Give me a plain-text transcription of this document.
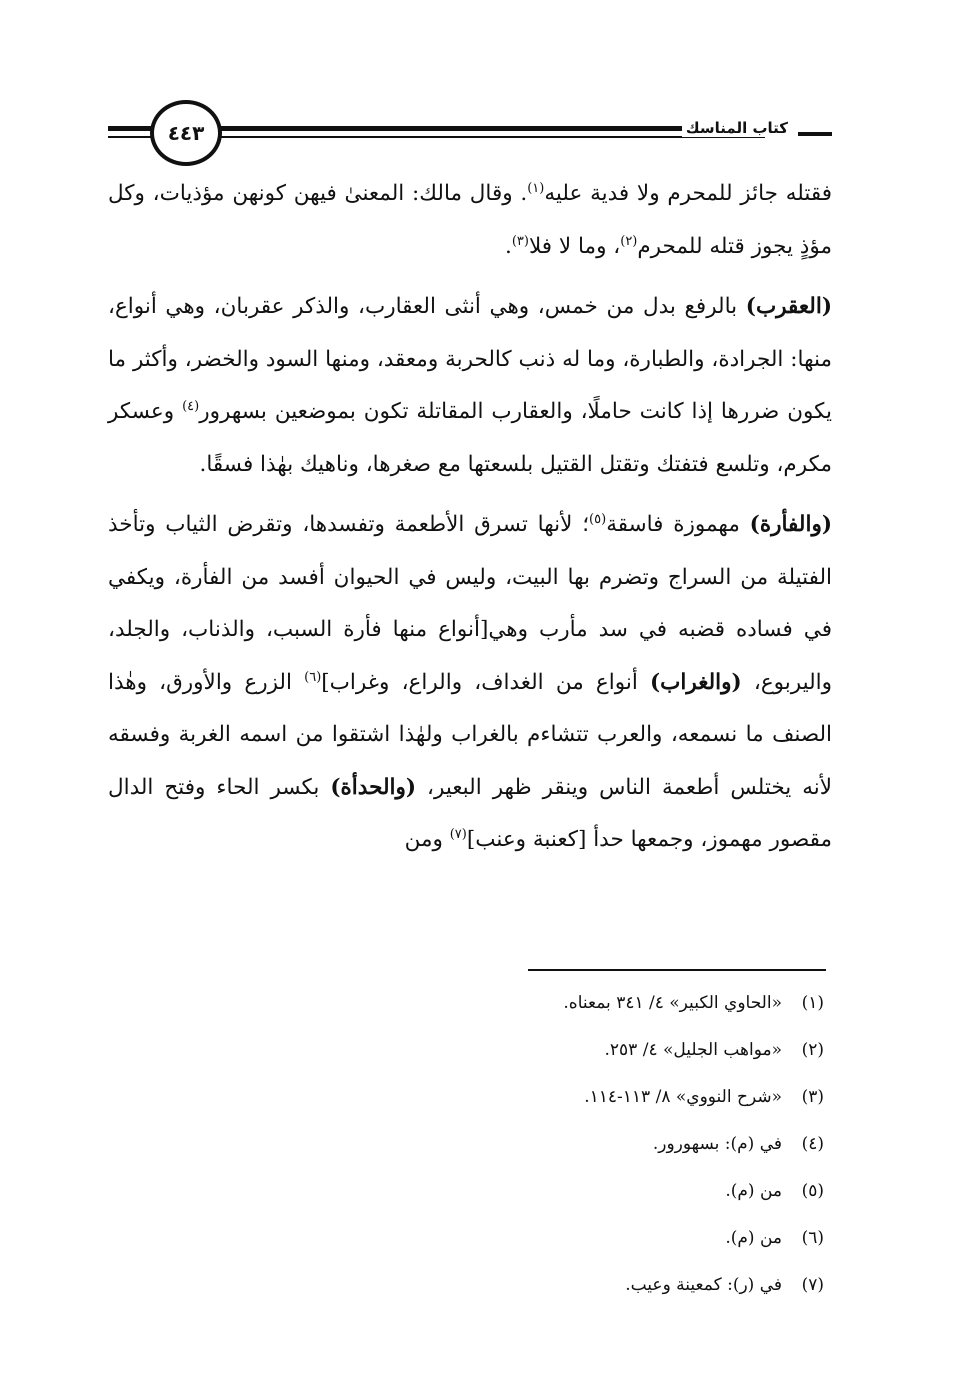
٤٤٣	كتاب المناسك

فقتله جائز للمحرم ولا فدية عليه$^{(١)}$. وقال مالك: المعنىٰ فيهن كونهن مؤذيات، وكل مؤذٍ يجوز قتله للمحرم$^{(٢)}$، وما لا فلا$^{(٣)}$.

(العقرب) بالرفع بدل من خمس، وهي أنثى العقارب، والذكر عقربان، وهي أنواع، منها: الجرادة، والطبارة، وما له ذنب كالحربة ومعقد، ومنها السود والخضر، وأكثر ما يكون ضررها إذا كانت حاملًا، والعقارب المقاتلة تكون بموضعين بسهرور$^{(٤)}$ وعسكر مكرم، وتلسع فتفتك وتقتل القتيل بلسعتها مع صغرها، وناهيك بهٰذا فسقًا.

(والفأرة) مهموزة فاسقة$^{(٥)}$؛ لأنها تسرق الأطعمة وتفسدها، وتقرض الثياب وتأخذ الفتيلة من السراج وتضرم بها البيت، وليس في الحيوان أفسد من الفأرة، ويكفي في فساده قضبه في سد مأرب وهي[أنواع منها فأرة السبب، والذناب، والجلد، واليربوع، (والغراب) أنواع من الغداف، والراع، وغراب]$^{(٦)}$ الزرع والأورق، وهٰذا الصنف ما نسمعه، والعرب تتشاءم بالغراب ولهٰذا اشتقوا من اسمه الغربة وفسقه لأنه يختلس أطعمة الناس وينقر ظهر البعير، (والحدأة) بكسر الحاء وفتح الدال مقصور مهموز، وجمعها حدأ [كعنبة وعنب]$^{(٧)}$ ومن

(١)«الحاوي الكبير» ٤/ ٣٤١ بمعناه.
(٢)«مواهب الجليل» ٤/ ٢٥٣.
(٣)«شرح النووي» ٨/ ١١٣-١١٤.
(٤)في (م): بسهورور.
(٥)من (م).
(٦)من (م).
(٧)في (ر): كمعينة وعيب.
